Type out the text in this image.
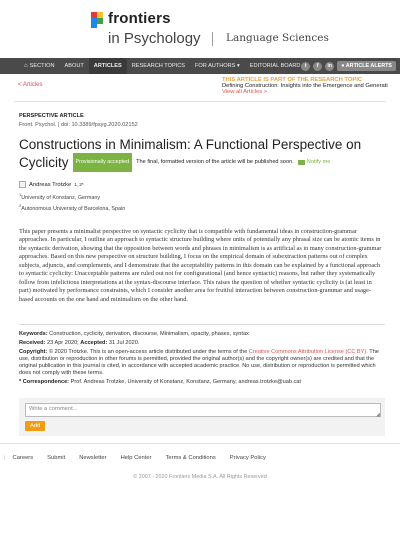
frontiers
in Psychology Language Sciences
⌂ SECTION	ABOUT	ARTICLES	RESEARCH TOPICS	FOR AUTHORS ▾	EDITORIAL BOARD t	f	in	● ARTICLE ALERTS
< Articles
THIS ARTICLE IS PART OF THE RESEARCH TOPIC
Defining Construction: Insights into the Emergence and Generati
View all Articles >
PERSPECTIVE ARTICLE
Front. Psychol. | doi: 10.3389/fpsyg.2020.02152
Constructions in Minimalism: A Functional Perspective on
Cyclicity	Provisionally accepted	The final, formatted version of the article will be published soon. Notify me
Andreas Trotzke 1, 2*
$^1$University of Konstanz, Germany
$^2$Autonomous University of Barcelona, Spain

This paper presents a minimalist perspective on syntactic cyclicity that is compatible with fundamental ideas in construction-grammar approaches. In particular, I outline an approach to syntactic structure building where units of potentially any phrasal size can be atomic items in the syntactic derivation, showing that the opposition between words and phrases in minimalism is as artificial as in many construction-grammar approaches. Based on this new perspective on structure building, I focus on the empirical domain of subextraction patterns out of complex subjects, adjuncts, and complements, and I demonstrate that the acceptability patterns in this domain can be explained by a functional approach to syntactic cyclicity: Unacceptable patterns are ruled out not for configurational (and hence syntactic) reasons, but rather they systematically follow from infelicitous interpretations at the syntax-discourse interface. This raises the question of whether syntactic cyclicity is (at least in part) motivated by performance constraints, which I consider another area for fruitful interaction between construction-grammar and usage-based accounts on the one hand and minimalism on the other hand.

Keywords: Construction, cyclicity, derivation, discourse, Minimalism, opacity, phases, syntax
Received: 23 Apr 2020; Accepted: 31 Jul 2020.
Copyright: © 2020 Trotzke. This is an open-access article distributed under the terms of the Creative Commons Attribution License (CC BY). The use, distribution or reproduction in other forums is permitted, provided the original author(s) and the copyright owner(s) are credited and that the original publication in this journal is cited, in accordance with accepted academic practice. No use, distribution or reproduction is permitted which does not comply with these terms.
* Correspondence: Prof. Andreas Trotzke, University of Konstanz, Konstanz, Germany, andreas.trotzke@uab.cat
Write a comment...
◢
Add
|	Careers	Submit	Newsletter	Help Center	Terms & Conditions	Privacy Policy
© 2007 - 2020 Frontiers Media S.A. All Rights Reserved
